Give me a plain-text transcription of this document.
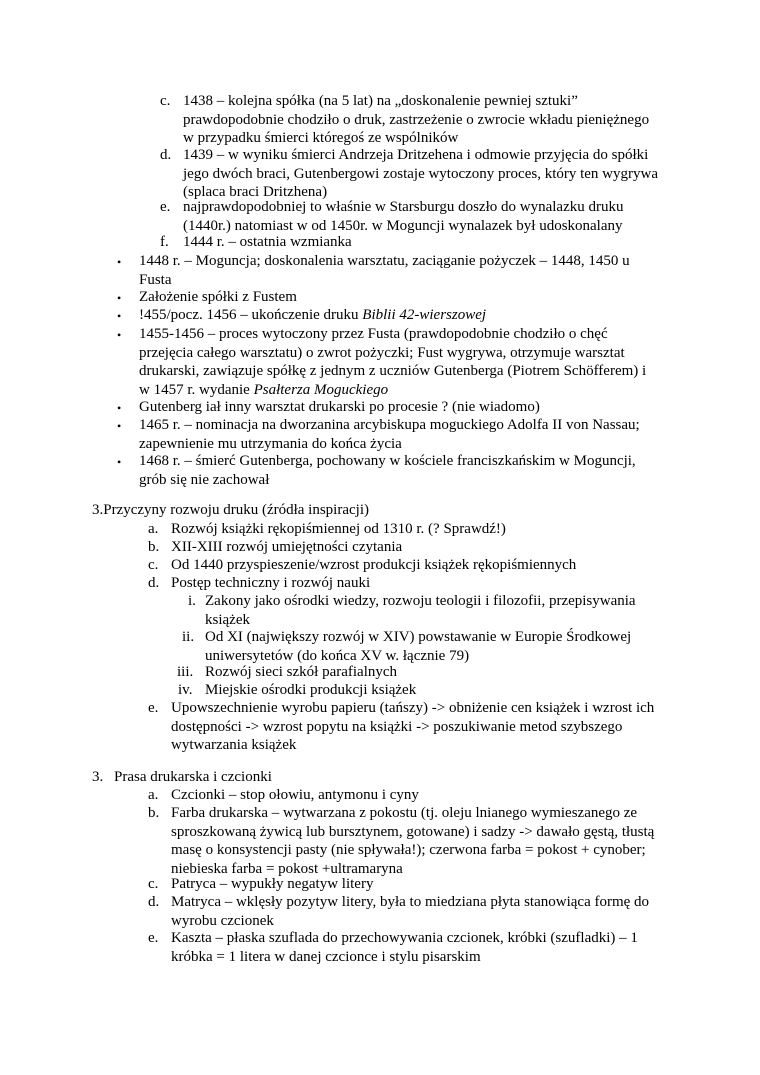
c. 1438 – kolejna spółka (na 5 lat) na „doskonalenie pewniej sztuki”
prawdopodobnie chodziło o druk, zastrzeżenie o zwrocie wkładu pieniężnego
w przypadku śmierci któregoś ze wspólników
d. 1439 – w wyniku śmierci Andrzeja Dritzehena i odmowie przyjęcia do spółki
jego dwóch braci, Gutenbergowi zostaje wytoczony proces, który ten wygrywa
(splaca braci Dritzhena)
e. najprawdopodobniej to właśnie w Starsburgu doszło do wynalazku druku
(1440r.) natomiast w od 1450r. w Moguncji wynalazek był udoskonalany
f. 1444 r. – ostatnia wzmianka
• 1448 r. – Moguncja; doskonalenia warsztatu, zaciąganie pożyczek – 1448, 1450 u
Fusta
• Założenie spółki z Fustem
• !455/pocz. 1456 – ukończenie druku Biblii 42-wierszowej
• 1455-1456 – proces wytoczony przez Fusta (prawdopodobnie chodziło o chęć
przejęcia całego warsztatu) o zwrot pożyczki; Fust wygrywa, otrzymuje warsztat
drukarski, zawiązuje spółkę z jednym z uczniów Gutenberga (Piotrem Schöfferem) i
w 1457 r. wydanie Psałterza Moguckiego
• Gutenberg iał inny warsztat drukarski po procesie ? (nie wiadomo)
• 1465 r. – nominacja na dworzanina arcybiskupa moguckiego Adolfa II von Nassau;
zapewnienie mu utrzymania do końca życia
• 1468 r. – śmierć Gutenberga, pochowany w kościele franciszkańskim w Moguncji,
grób się nie zachował
3.Przyczyny rozwoju druku (źródła inspiracji)
a. Rozwój książki rękopiśmiennej od 1310 r. (? Sprawdź!)
b. XII-XIII rozwój umiejętności czytania
c. Od 1440 przyspieszenie/wzrost produkcji książek rękopiśmiennych
d. Postęp techniczny i rozwój nauki
i. Zakony jako ośrodki wiedzy, rozwoju teologii i filozofii, przepisywania
książek
ii. Od XI (największy rozwój w XIV) powstawanie w Europie Środkowej
uniwersytetów (do końca XV w. łącznie 79)
iii. Rozwój sieci szkół parafialnych
iv. Miejskie ośrodki produkcji książek
e. Upowszechnienie wyrobu papieru (tańszy) -> obniżenie cen książek i wzrost ich
dostępności -> wzrost popytu na książki -> poszukiwanie metod szybszego
wytwarzania książek
3. Prasa drukarska i czcionki
a. Czcionki – stop ołowiu, antymonu i cyny
b. Farba drukarska – wytwarzana z pokostu (tj. oleju lnianego wymieszanego ze
sproszkowaną żywicą lub bursztynem, gotowane) i sadzy -> dawało gęstą, tłustą
masę o konsystencji pasty (nie spływała!); czerwona farba = pokost + cynober;
niebieska farba = pokost +ultramaryna
c. Patryca – wypukły negatyw litery
d. Matryca – wklęsły pozytyw litery, była to miedziana płyta stanowiąca formę do
wyrobu czcionek
e. Kaszta – płaska szuflada do przechowywania czcionek, króbki (szufladki) – 1
króbka = 1 litera w danej czcionce i stylu pisarskim
